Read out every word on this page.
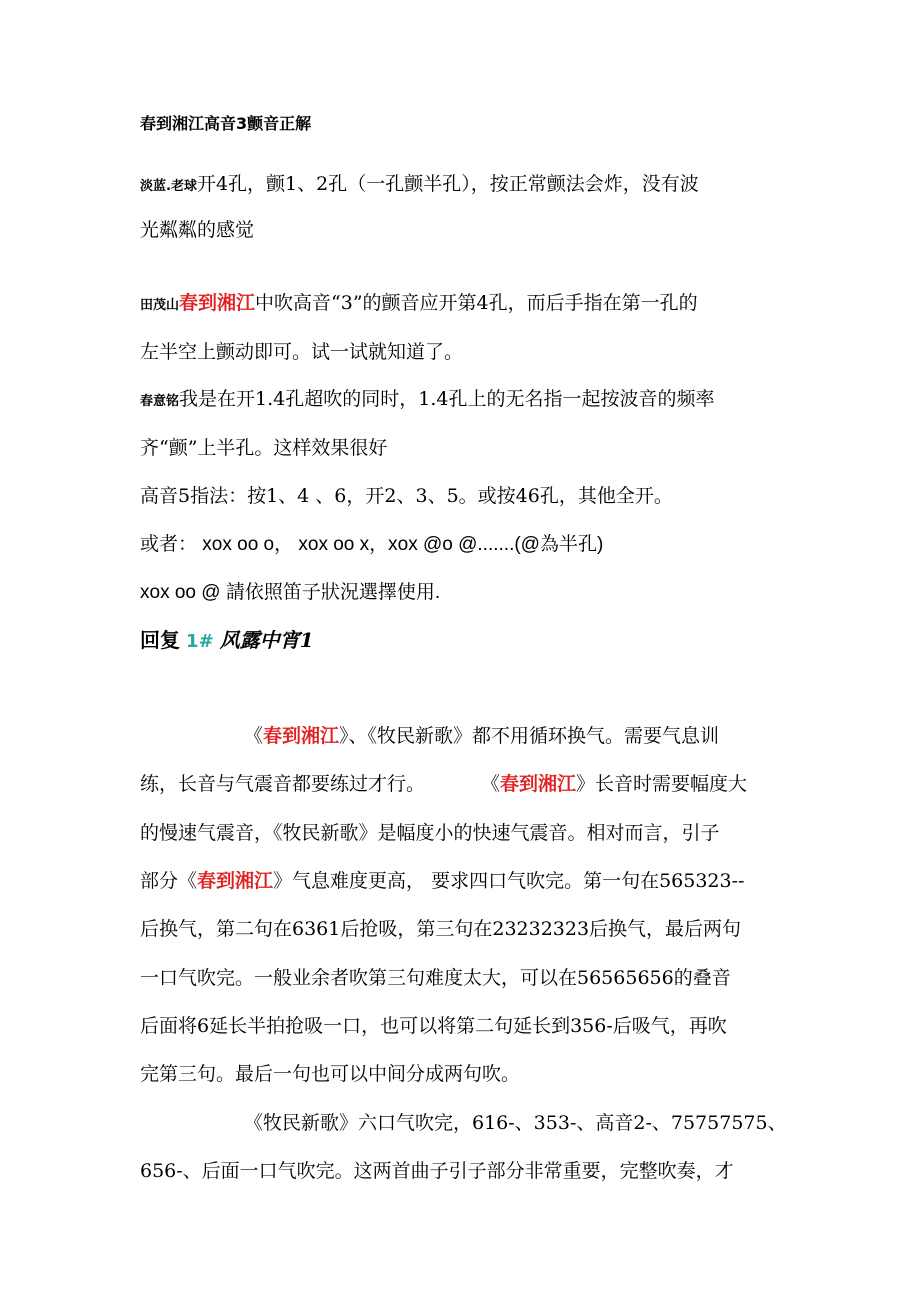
春到湘江高音3颤音正解
淡蓝.老球开4孔，颤1、2孔（一孔颤半孔），按正常颤法会炸，没有波
光粼粼的感觉
田茂山春到湘江中吹高音“3”的颤音应开第4孔，而后手指在第一孔的
左半空上颤动即可。试一试就知道了。
春意铭我是在开1.4孔超吹的同时，1.4孔上的无名指一起按波音的频率
齐“颤”上半孔。这样效果很好
高音5指法：按1、4 、6，开2、3、5。或按46孔，其他全开。
或者： xox oo o， xox oo x，xox @o @.......(@為半孔)
xox oo @ 請依照笛子狀況選擇使用.
回复 1# 风露中宵1
《春到湘江》、《牧民新歌》都不用循环换气。需要气息训
练，长音与气震音都要练过才行。	《春到湘江》长音时需要幅度大
的慢速气震音，《牧民新歌》是幅度小的快速气震音。相对而言，引子
部分《春到湘江》气息难度更高， 要求四口气吹完。第一句在565323--
后换气，第二句在6361后抢吸，第三句在23232323后换气，最后两句
一口气吹完。一般业余者吹第三句难度太大，可以在56565656的叠音
后面将6延长半拍抢吸一口，也可以将第二句延长到356-后吸气，再吹
完第三句。最后一句也可以中间分成两句吹。
《牧民新歌》六口气吹完，616-、353-、高音2-、75757575、
656-、后面一口气吹完。这两首曲子引子部分非常重要，完整吹奏，才
